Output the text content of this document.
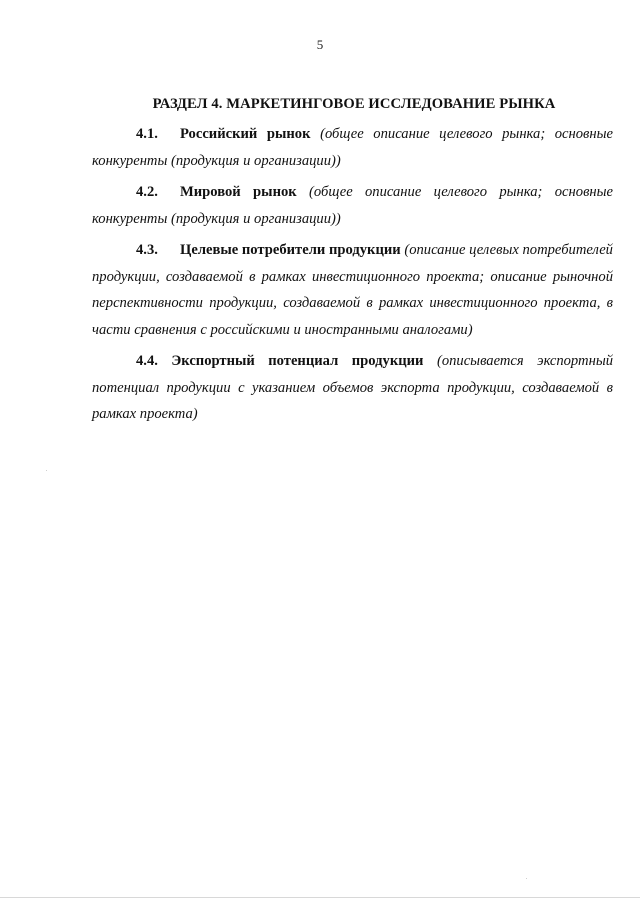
5
РАЗДЕЛ 4. МАРКЕТИНГОВОЕ ИССЛЕДОВАНИЕ РЫНКА

4.1. Российский рынок (общее описание целевого рынка; основные конкуренты (продукция и организации))

4.2. Мировой рынок (общее описание целевого рынка; основные конкуренты (продукция и организации))

4.3. Целевые потребители продукции (описание целевых потребителей продукции, создаваемой в рамках инвестиционного проекта; описание рыночной перспективности продукции, создаваемой в рамках инвестиционного проекта, в части сравнения с российскими и иностранными аналогами)

4.4. Экспортный потенциал продукции (описывается экспортный потенциал продукции с указанием объемов экспорта продукции, создаваемой в рамках проекта)
